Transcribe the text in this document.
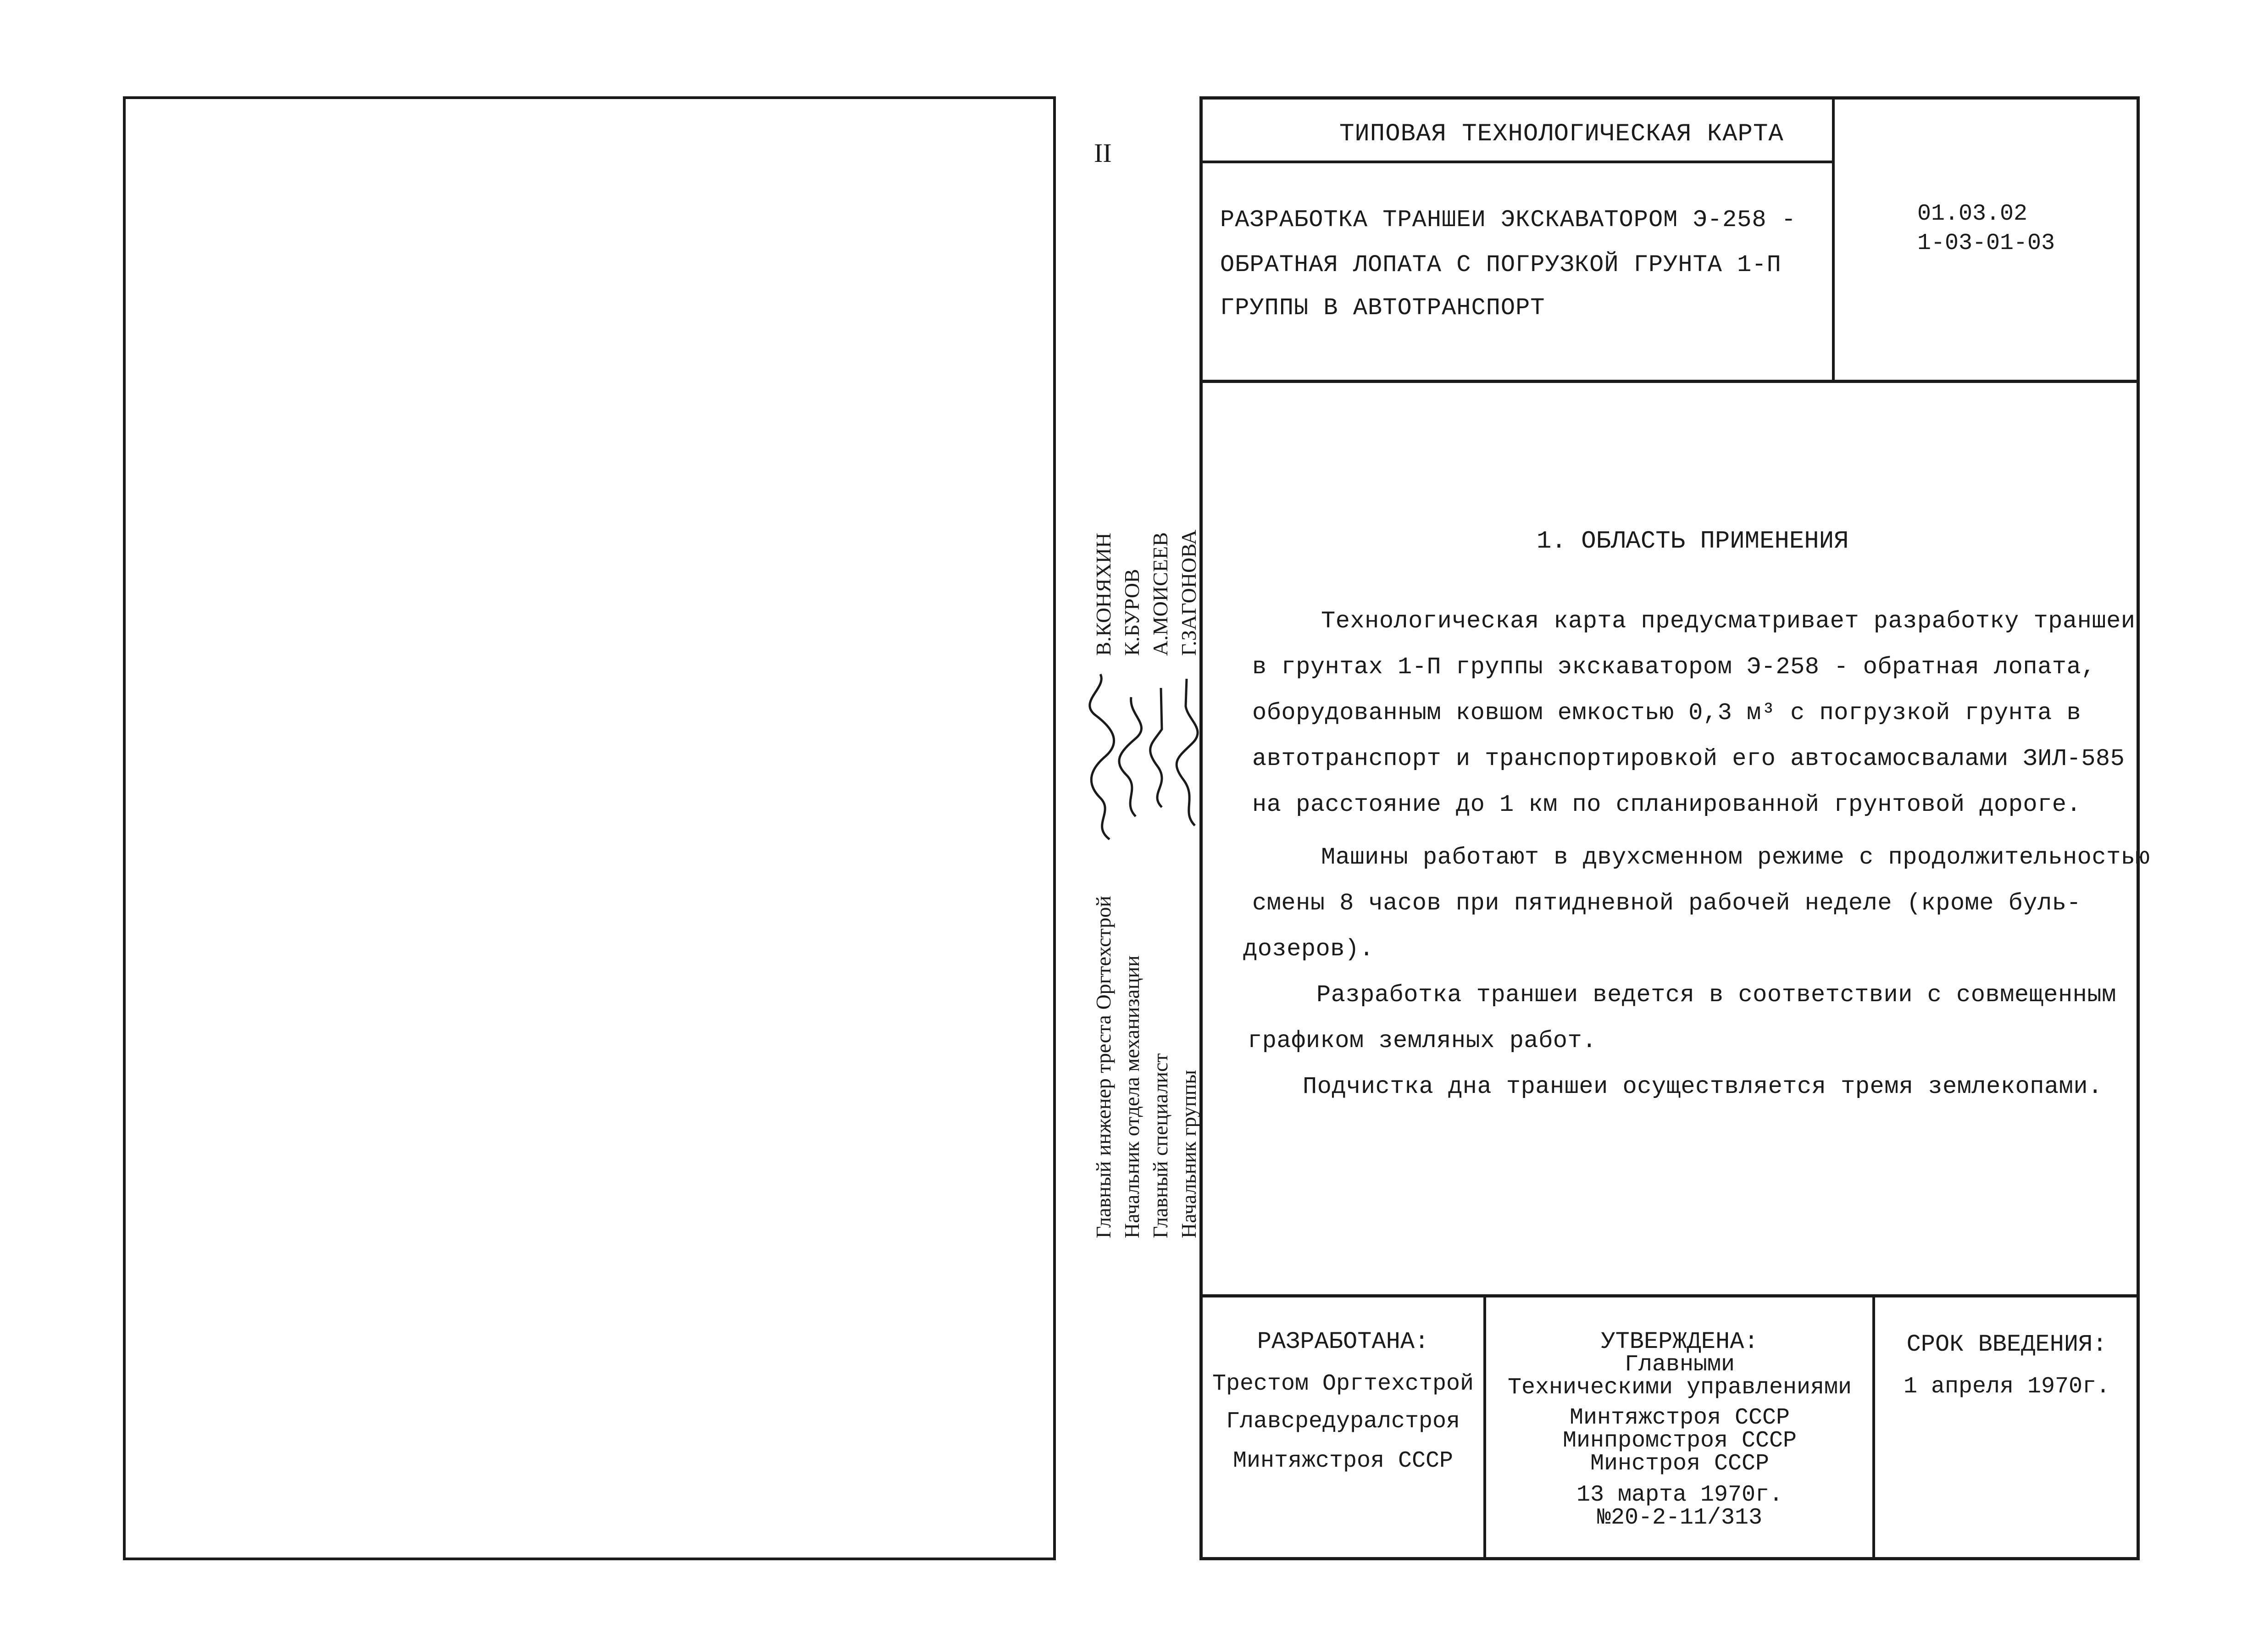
II
Главный инженер треста Оргтехстрой
В.КОНЯХИН
Начальник отдела механизации
К.БУРОВ
Главный специалист
А.МОИСЕЕВ
Начальник группы
Г.ЗАГОНОВА
ТИПОВАЯ ТЕХНОЛОГИЧЕСКАЯ КАРТА
РАЗРАБОТКА ТРАНШЕИ ЭКСКАВАТОРОМ Э-258 -
ОБРАТНАЯ ЛОПАТА С ПОГРУЗКОЙ ГРУНТА 1-П
ГРУППЫ В АВТОТРАНСПОРТ
01.03.02
1-03-01-03
1. ОБЛАСТЬ ПРИМЕНЕНИЯ
Технологическая карта предусматривает разработку траншеи
в грунтах 1-П группы экскаватором Э-258 - обратная лопата,
оборудованным ковшом емкостью 0,3 м³ с погрузкой грунта в
автотранспорт и транспортировкой его автосамосвалами ЗИЛ-585
на расстояние до 1 км по спланированной грунтовой дороге.
Машины работают в двухсменном режиме с продолжительностью
смены 8 часов при пятидневной рабочей неделе (кроме буль-
дозеров).
Разработка траншеи ведется в соответствии с совмещенным
графиком земляных работ.
Подчистка дна траншеи осуществляется тремя землекопами.
РАЗРАБОТАНА:
Трестом Оргтехстрой
Главсредуралстроя
Минтяжстроя СССР
УТВЕРЖДЕНА:
Главными
Техническими управлениями
Минтяжстроя СССР
Минпромстроя СССР
Минстроя СССР
13 марта 1970г.
№20-2-11/313
СРОК ВВЕДЕНИЯ:
1 апреля 1970г.
